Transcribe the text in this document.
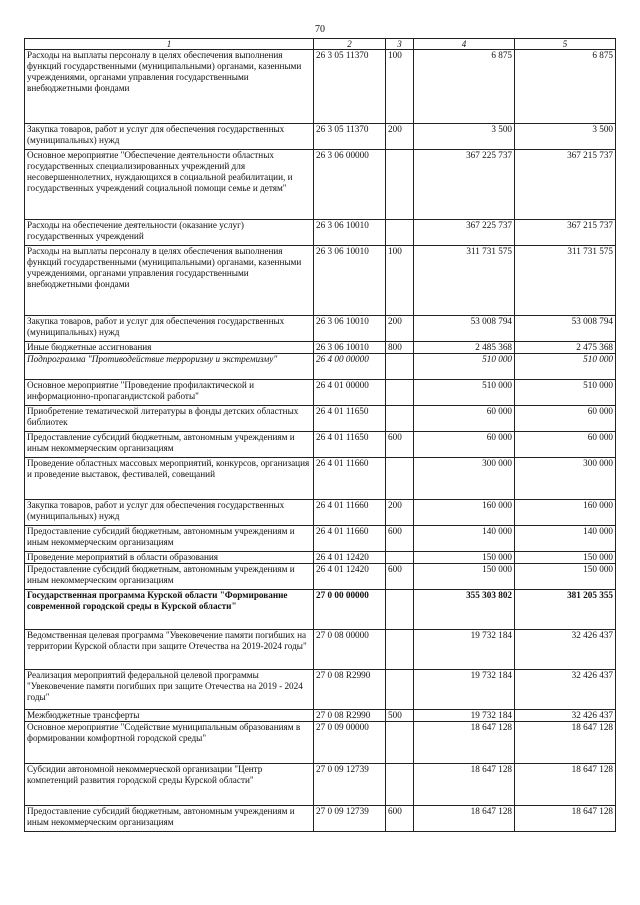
70
1	2	3	4	5
Расходы на выплаты персоналу в целях обеспечения выполнения функций государственными (муниципальными) органами, казенными учреждениями, органами управления государственными внебюджетными фондами	26 3 05 11370	100	6 875	6 875
Закупка товаров, работ и услуг для обеспечения государственных (муниципальных) нужд	26 3 05 11370	200	3 500	3 500
Основное мероприятие "Обеспечение деятельности областных государственных специализированных учреждений для несовершеннолетних, нуждающихся в социальной реабилитации, и государственных учреждений социальной помощи семье и детям"	26 3 06 00000		367 225 737	367 215 737
Расходы на обеспечение деятельности (оказание услуг) государственных учреждений	26 3 06 10010		367 225 737	367 215 737
Расходы на выплаты персоналу в целях обеспечения выполнения функций государственными (муниципальными) органами, казенными учреждениями, органами управления государственными внебюджетными фондами	26 3 06 10010	100	311 731 575	311 731 575
Закупка товаров, работ и услуг для обеспечения государственных (муниципальных) нужд	26 3 06 10010	200	53 008 794	53 008 794
Иные бюджетные ассигнования	26 3 06 10010	800	2 485 368	2 475 368
Подпрограмма "Противодействие терроризму и экстремизму"	26 4 00 00000		510 000	510 000
Основное мероприятие "Проведение профилактической и информационно-пропагандистской работы"	26 4 01 00000		510 000	510 000
Приобретение тематической литературы в фонды детских областных библиотек	26 4 01 11650		60 000	60 000
Предоставление субсидий бюджетным, автономным учреждениям и иным некоммерческим организациям	26 4 01 11650	600	60 000	60 000
Проведение областных массовых мероприятий, конкурсов, организация и проведение выставок, фестивалей, совещаний	26 4 01 11660		300 000	300 000
Закупка товаров, работ и услуг для обеспечения государственных (муниципальных) нужд	26 4 01 11660	200	160 000	160 000
Предоставление субсидий бюджетным, автономным учреждениям и иным некоммерческим организациям	26 4 01 11660	600	140 000	140 000
Проведение мероприятий в области образования	26 4 01 12420		150 000	150 000
Предоставление субсидий бюджетным, автономным учреждениям и иным некоммерческим организациям	26 4 01 12420	600	150 000	150 000
Государственная программа Курской области "Формирование современной городской среды в Курской области"	27 0 00 00000		355 303 802	381 205 355
Ведомственная целевая программа "Увековечение памяти погибших на территории Курской области при защите Отечества на 2019-2024 годы"	27 0 08 00000		19 732 184	32 426 437
Реализация мероприятий федеральной целевой программы "Увековечение памяти погибших при защите Отечества на 2019 - 2024 годы"	27 0 08 R2990		19 732 184	32 426 437
Межбюджетные трансферты	27 0 08 R2990	500	19 732 184	32 426 437
Основное мероприятие "Содействие муниципальным образованиям в формировании комфортной городской среды"	27 0 09 00000		18 647 128	18 647 128
Субсидии автономной некоммерческой организации "Центр компетенций развития городской среды Курской области"	27 0 09 12739		18 647 128	18 647 128
Предоставление субсидий бюджетным, автономным учреждениям и иным некоммерческим организациям	27 0 09 12739	600	18 647 128	18 647 128
